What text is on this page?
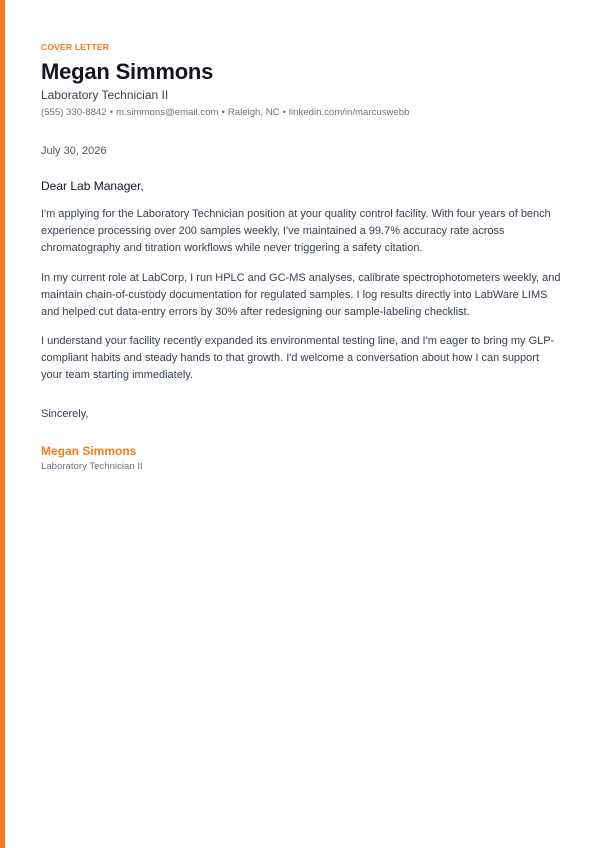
COVER LETTER
Megan Simmons
Laboratory Technician II
(555) 330-8842 • m.simmons@email.com • Raleigh, NC • linkedin.com/in/marcuswebb
July 30, 2026
Dear Lab Manager,

I'm applying for the Laboratory Technician position at your quality control facility. With four years of bench experience processing over 200 samples weekly, I've maintained a 99.7% accuracy rate across chromatography and titration workflows while never triggering a safety citation.

In my current role at LabCorp, I run HPLC and GC-MS analyses, calibrate spectrophotometers weekly, and maintain chain-of-custody documentation for regulated samples. I log results directly into LabWare LIMS and helped cut data-entry errors by 30% after redesigning our sample-labeling checklist.

I understand your facility recently expanded its environmental testing line, and I'm eager to bring my GLP-compliant habits and steady hands to that growth. I'd welcome a conversation about how I can support your team starting immediately.

Sincerely,
Megan Simmons
Laboratory Technician II
